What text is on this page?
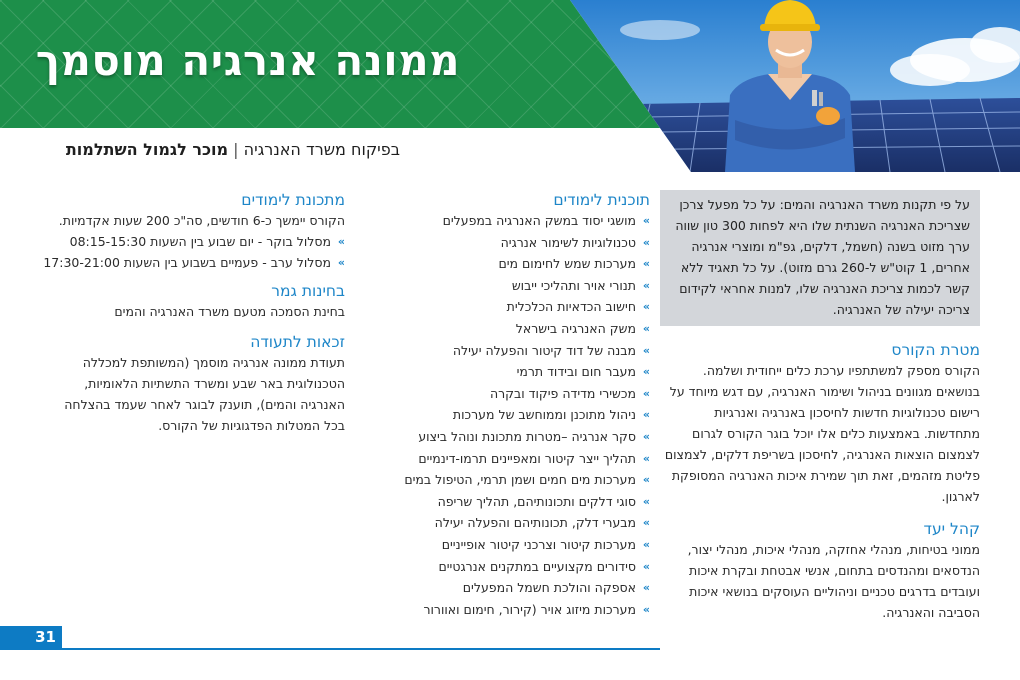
ממונה אנרגיה מוסמך
בפיקוח משרד האנרגיה | מוכר לגמול השתלמות
על פי תקנות משרד האנרגיה והמים: על כל מפעל צרכן שצריכת האנרגיה השנתית שלו היא לפחות 300 טון שווה ערך מזוט בשנה (חשמל, דלקים, גפ"מ ומוצרי אנרגיה אחרים, 1 קוט"ש ל-260 גרם מזוט). על כל תאגיד ללא קשר לכמות צריכת האנרגיה שלו, למנות אחראי לקידום צריכה יעילה של האנרגיה.
מטרת הקורס

הקורס מספק למשתתפיו ערכת כלים ייחודית ושלמה. בנושאים מגוונים בניהול ושימור האנרגיה, עם דגש מיוחד על רישום טכנולוגיות חדשות לחיסכון באנרגיה ואנרגיות מתחדשות. באמצעות כלים אלו יוכל בוגר הקורס לגרום לצמצום הוצאות האנרגיה, לחיסכון בשריפת דלקים, לצמצום פליטת מזהמים, זאת תוך שמירת איכות האנרגיה המסופקת לארגון.

קהל יעד

ממוני בטיחות, מנהלי אחזקה, מנהלי איכות, מנהלי יצור, הנדסאים ומהנדסים בתחום, אנשי אבטחת ובקרת איכות ועובדים בדרגים טכניים וניהוליים העוסקים בנושאי איכות הסביבה והאנרגיה.

תוכנית לימודים
»
מושגי יסוד במשק האנרגיה במפעלים
»
טכנולוגיות לשימור אנרגיה
»
מערכות שמש לחימום מים
»
תנורי אויר ותהליכי ייבוש
»
חישוב הכדאיות הכלכלית
»
משק האנרגיה בישראל
»
מבנה של דוד קיטור והפעלה יעילה
»
מעבר חום ובידוד תרמי
»
מכשירי מדידה פיקוד ובקרה
»
ניהול מתוכנן וממוחשב של מערכות
»
סקר אנרגיה –מטרות מתכונת ונוהל ביצוע
»
תהליך ייצר קיטור ומאפיינים תרמו-דינמיים
»
מערכות מים חמים ושמן תרמי, הטיפול במים
»
סוגי דלקים ותכונותיהם, תהליך שריפה
»
מבערי דלק, תכונותיהם והפעלה יעילה
»
מערכות קיטור וצרכני קיטור אופייניים
»
סידורים מקצועיים במתקנים אנרגטיים
»
אספקה והולכת חשמל המפעלים
»
מערכות מיזוג אויר (קירור, חימום ואוורור
מתכונת לימודים

הקורס יימשך כ-6 חודשים, סה"כ 200 שעות אקדמיות.

»
מסלול בוקר - יום שבוע בין השעות 08:15-15:30
»
מסלול ערב - פעמיים בשבוע בין השעות 17:30-21:00
בחינות גמר

בחינת הסמכה מטעם משרד האנרגיה והמים

זכאות לתעודה

תעודת ממונה אנרגיה מוסמך (המשותפת למכללה הטכנולוגית באר שבע ומשרד התשתיות הלאומיות, האנרגיה והמים), תוענק לבוגר לאחר שעמד בהצלחה בכל המטלות הפדגוגיות של הקורס.

31
